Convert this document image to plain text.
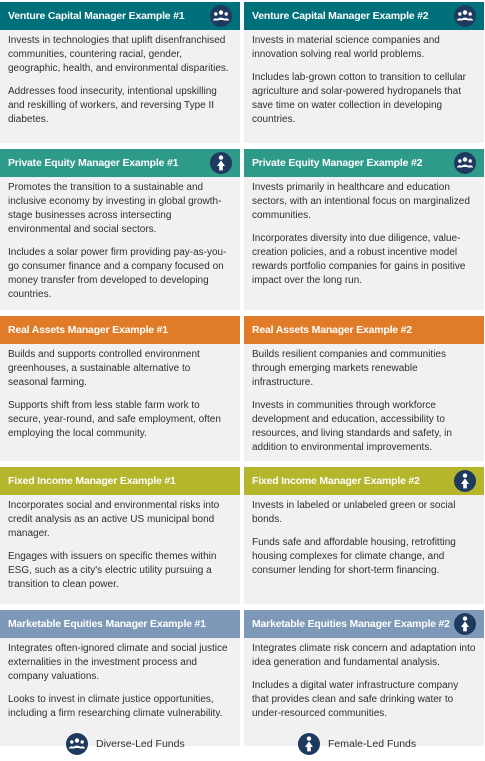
Venture Capital Manager Example #1

Invests in technologies that uplift disenfranchised communities, countering racial, gender, geographic, health, and environmental disparities.

Addresses food insecurity, intentional upskilling and reskilling of workers, and reversing Type II diabetes.

Venture Capital Manager Example #2

Invests in material science companies and innovation solving real world problems.

Includes lab-grown cotton to transition to cellular agriculture and solar-powered hydropanels that save time on water collection in developing countries.

Private Equity Manager Example #1

Promotes the transition to a sustainable and inclusive economy by investing in global growth-stage businesses across intersecting environmental and social sectors.

Includes a solar power firm providing pay-as-you-go consumer finance and a company focused on money transfer from developed to developing countries.

Private Equity Manager Example #2

Invests primarily in healthcare and education sectors, with an intentional focus on marginalized communities.

Incorporates diversity into due diligence, value-creation policies, and a robust incentive model rewards portfolio companies for gains in positive impact over the long run.

Real Assets Manager Example #1

Builds and supports controlled environment greenhouses, a sustainable alternative to seasonal farming.

Supports shift from less stable farm work to secure, year-round, and safe employment, often employing the local community.

Real Assets Manager Example #2

Builds resilient companies and communities through emerging markets renewable infrastructure.

Invests in communities through workforce development and education, accessibility to resources, and living standards and safety, in addition to environmental improvements.

Fixed Income Manager Example #1

Incorporates social and environmental risks into credit analysis as an active US municipal bond manager.

Engages with issuers on specific themes within ESG, such as a city's electric utility pursuing a transition to clean power.

Fixed Income Manager Example #2

Invests in labeled or unlabeled green or social bonds.

Funds safe and affordable housing, retrofitting housing complexes for climate change, and consumer lending for short-term financing.

Marketable Equities Manager Example #1

Integrates often-ignored climate and social justice externalities in the investment process and company valuations.

Looks to invest in climate justice opportunities, including a firm researching climate vulnerability.

Marketable Equities Manager Example #2

Integrates climate risk concern and adaptation into idea generation and fundamental analysis.

Includes a digital water infrastructure company that provides clean and safe drinking water to under-resourced communities.

Diverse-Led Funds	Female-Led Funds
